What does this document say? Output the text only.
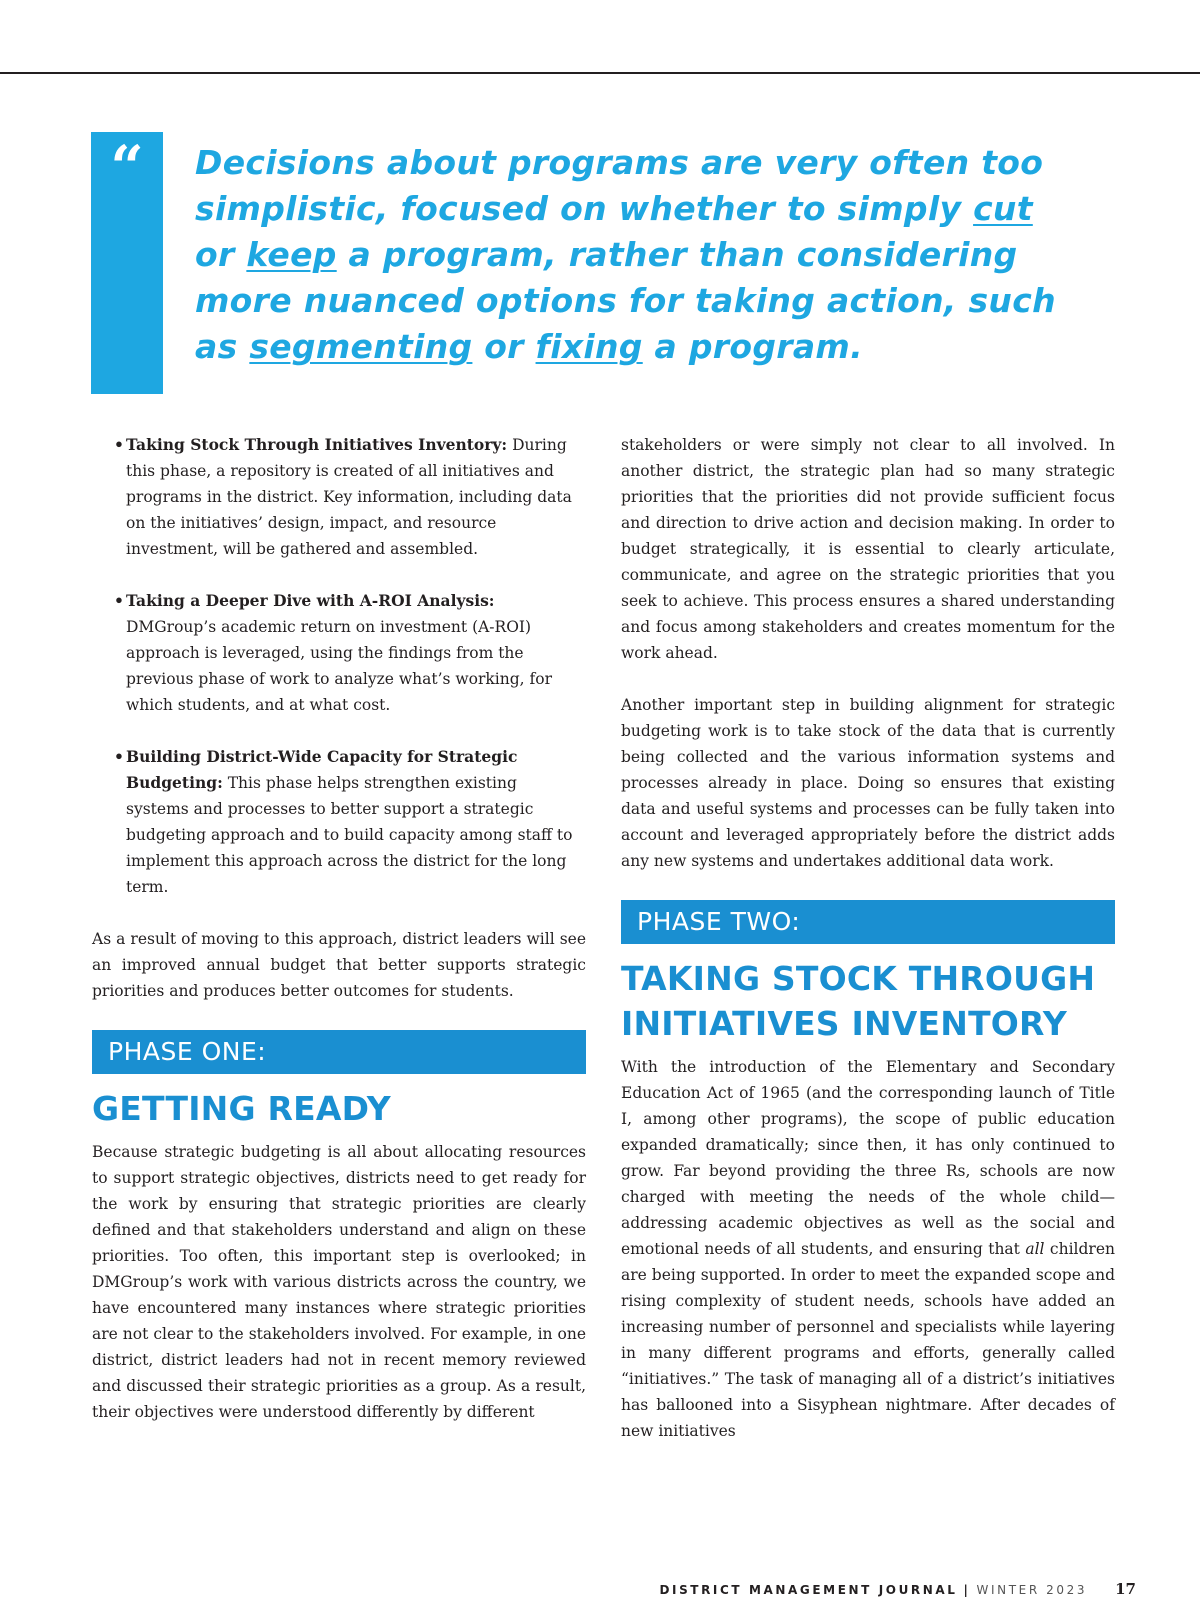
“	Decisions about programs are very often too simplistic, focused on whether to simply cut or keep a program, rather than considering more nuanced options for taking action, such as segmenting or fixing a program.
• Taking Stock Through Initiatives Inventory: During this phase, a repository is created of all initiatives and programs in the district. Key information, including data on the initiatives’ design, impact, and resource investment, will be gathered and assembled.
• Taking a Deeper Dive with A-ROI Analysis: DMGroup’s academic return on investment (A-ROI) approach is leveraged, using the findings from the previous phase of work to analyze what’s working, for which students, and at what cost.
• Building District-Wide Capacity for Strategic Budgeting: This phase helps strengthen existing systems and processes to better support a strategic budgeting approach and to build capacity among staff to implement this approach across the district for the long term.

As a result of moving to this approach, district leaders will see an improved annual budget that better supports strategic priorities and produces better outcomes for students.

PHASE ONE:
GETTING READY

Because strategic budgeting is all about allocating resources to support strategic objectives, districts need to get ready for the work by ensuring that strategic priorities are clearly defined and that stakeholders understand and align on these priorities. Too often, this important step is overlooked; in DMGroup’s work with various districts across the country, we have encountered many instances where strategic priorities are not clear to the stakeholders involved. For example, in one district, district leaders had not in recent memory reviewed and discussed their strategic priorities as a group. As a result, their objectives were understood differently by different

stakeholders or were simply not clear to all involved. In another district, the strategic plan had so many strategic priorities that the priorities did not provide sufficient focus and direction to drive action and decision making. In order to budget strategically, it is essential to clearly articulate, communicate, and agree on the strategic priorities that you seek to achieve. This process ensures a shared understanding and focus among stakeholders and creates momentum for the work ahead.

Another important step in building alignment for strategic budgeting work is to take stock of the data that is currently being collected and the various information systems and processes already in place. Doing so ensures that existing data and useful systems and processes can be fully taken into account and leveraged appropriately before the district adds any new systems and undertakes additional data work.

PHASE TWO:
TAKING STOCK THROUGH INITIATIVES INVENTORY

With the introduction of the Elementary and Secondary Education Act of 1965 (and the corresponding launch of Title I, among other programs), the scope of public education expanded dramatically; since then, it has only continued to grow. Far beyond providing the three Rs, schools are now charged with meeting the needs of the whole child—addressing academic objectives as well as the social and emotional needs of all students, and ensuring that all children are being supported. In order to meet the expanded scope and rising complexity of student needs, schools have added an increasing number of personnel and specialists while layering in many different programs and efforts, generally called “initiatives.” The task of managing all of a district’s initiatives has ballooned into a Sisyphean nightmare. After decades of new initiatives

DISTRICT MANAGEMENT JOURNAL | WINTER 2023 17
